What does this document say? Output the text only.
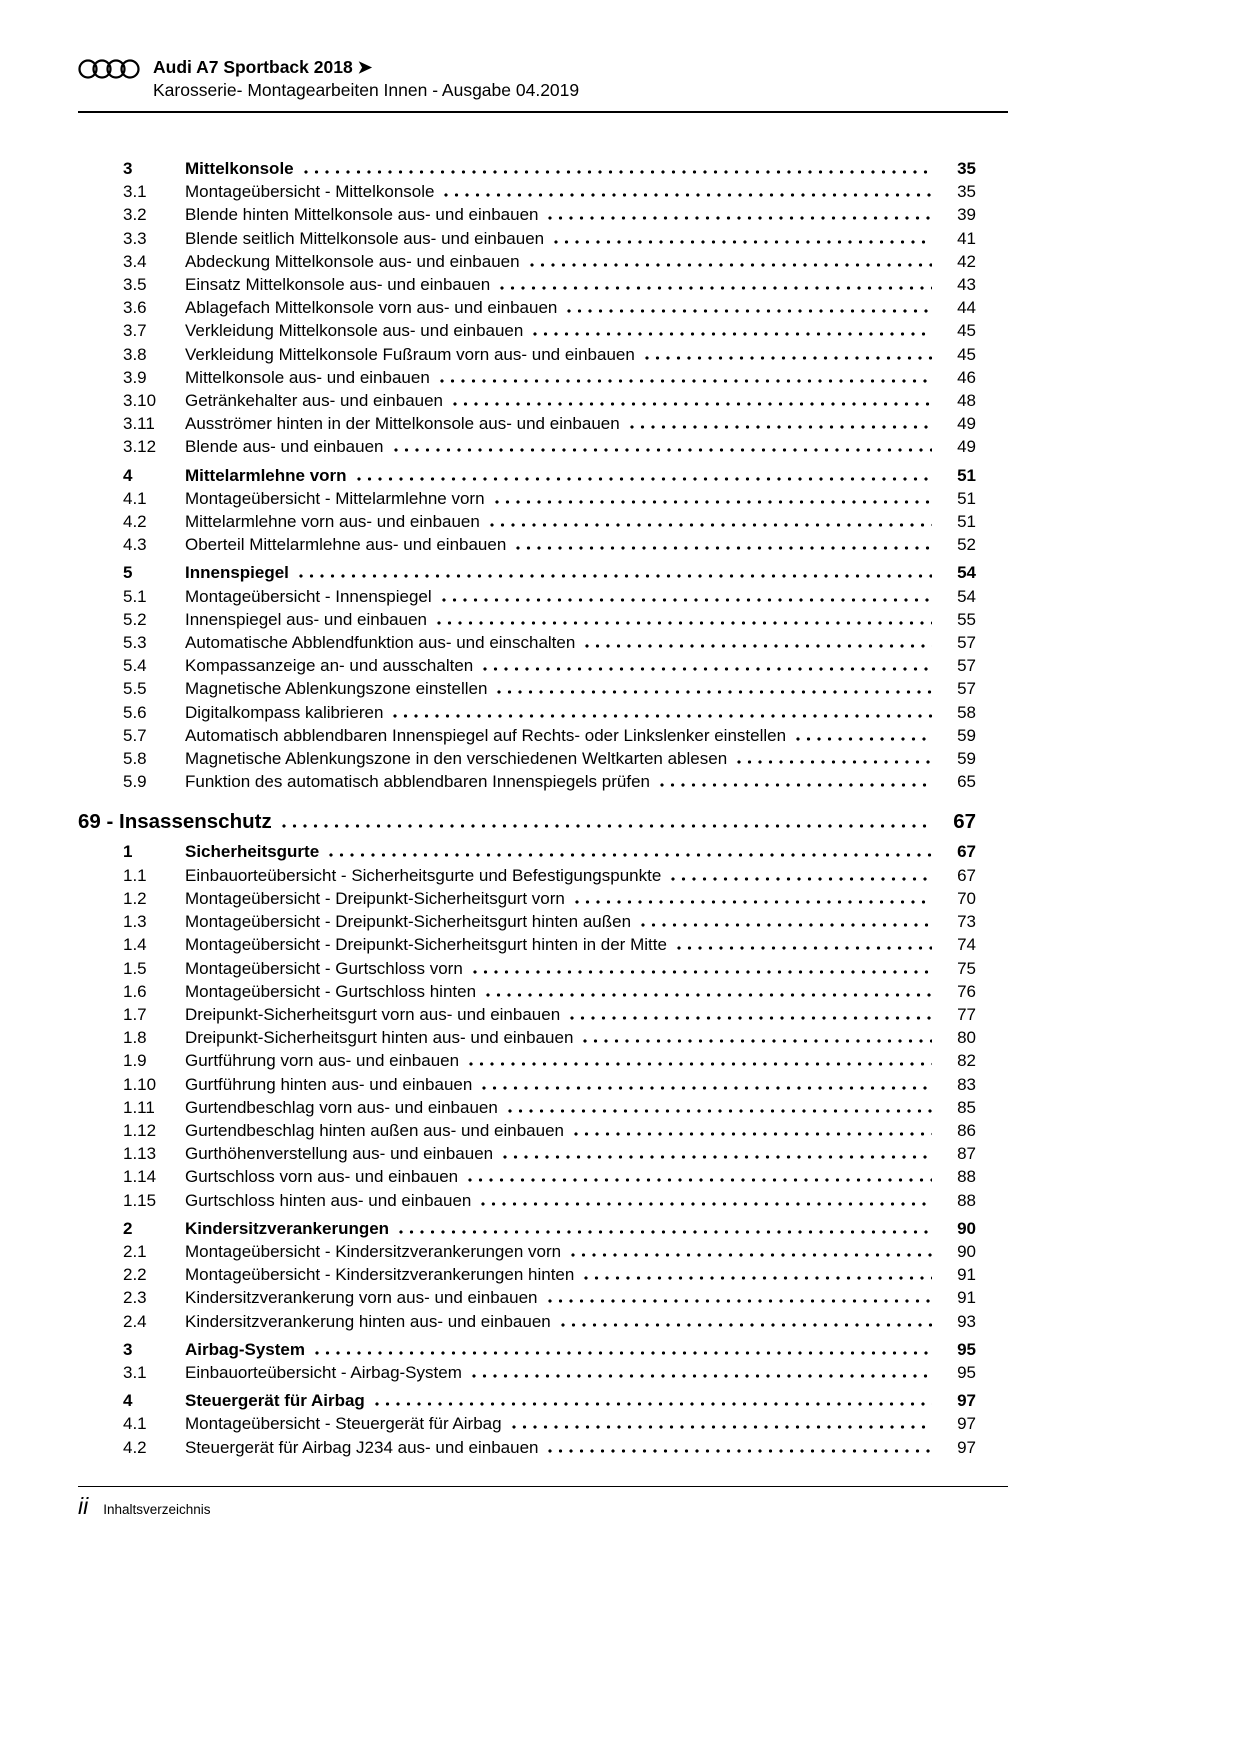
Audi A7 Sportback 2018 ➤
Karosserie- Montagearbeiten Innen - Ausgabe 04.2019
3	Mittelkonsole	35
3.1	Montageübersicht - Mittelkonsole	35
3.2	Blende hinten Mittelkonsole aus- und einbauen	39
3.3	Blende seitlich Mittelkonsole aus- und einbauen	41
3.4	Abdeckung Mittelkonsole aus- und einbauen	42
3.5	Einsatz Mittelkonsole aus- und einbauen	43
3.6	Ablagefach Mittelkonsole vorn aus- und einbauen	44
3.7	Verkleidung Mittelkonsole aus- und einbauen	45
3.8	Verkleidung Mittelkonsole Fußraum vorn aus- und einbauen	45
3.9	Mittelkonsole aus- und einbauen	46
3.10	Getränkehalter aus- und einbauen	48
3.11	Ausströmer hinten in der Mittelkonsole aus- und einbauen	49
3.12	Blende aus- und einbauen	49
4	Mittelarmlehne vorn	51
4.1	Montageübersicht - Mittelarmlehne vorn	51
4.2	Mittelarmlehne vorn aus- und einbauen	51
4.3	Oberteil Mittelarmlehne aus- und einbauen	52
5	Innenspiegel	54
5.1	Montageübersicht - Innenspiegel	54
5.2	Innenspiegel aus- und einbauen	55
5.3	Automatische Abblendfunktion aus- und einschalten	57
5.4	Kompassanzeige an- und ausschalten	57
5.5	Magnetische Ablenkungszone einstellen	57
5.6	Digitalkompass kalibrieren	58
5.7	Automatisch abblendbaren Innenspiegel auf Rechts- oder Linkslenker einstellen	59
5.8	Magnetische Ablenkungszone in den verschiedenen Weltkarten ablesen	59
5.9	Funktion des automatisch abblendbaren Innenspiegels prüfen	65
69 - Insassenschutz	67
1	Sicherheitsgurte	67
1.1	Einbauorteübersicht - Sicherheitsgurte und Befestigungspunkte	67
1.2	Montageübersicht - Dreipunkt-Sicherheitsgurt vorn	70
1.3	Montageübersicht - Dreipunkt-Sicherheitsgurt hinten außen	73
1.4	Montageübersicht - Dreipunkt-Sicherheitsgurt hinten in der Mitte	74
1.5	Montageübersicht - Gurtschloss vorn	75
1.6	Montageübersicht - Gurtschloss hinten	76
1.7	Dreipunkt-Sicherheitsgurt vorn aus- und einbauen	77
1.8	Dreipunkt-Sicherheitsgurt hinten aus- und einbauen	80
1.9	Gurtführung vorn aus- und einbauen	82
1.10	Gurtführung hinten aus- und einbauen	83
1.11	Gurtendbeschlag vorn aus- und einbauen	85
1.12	Gurtendbeschlag hinten außen aus- und einbauen	86
1.13	Gurthöhenverstellung aus- und einbauen	87
1.14	Gurtschloss vorn aus- und einbauen	88
1.15	Gurtschloss hinten aus- und einbauen	88
2	Kindersitzverankerungen	90
2.1	Montageübersicht - Kindersitzverankerungen vorn	90
2.2	Montageübersicht - Kindersitzverankerungen hinten	91
2.3	Kindersitzverankerung vorn aus- und einbauen	91
2.4	Kindersitzverankerung hinten aus- und einbauen	93
3	Airbag-System	95
3.1	Einbauorteübersicht - Airbag-System	95
4	Steuergerät für Airbag	97
4.1	Montageübersicht - Steuergerät für Airbag	97
4.2	Steuergerät für Airbag J234 aus- und einbauen	97
ii Inhaltsverzeichnis
